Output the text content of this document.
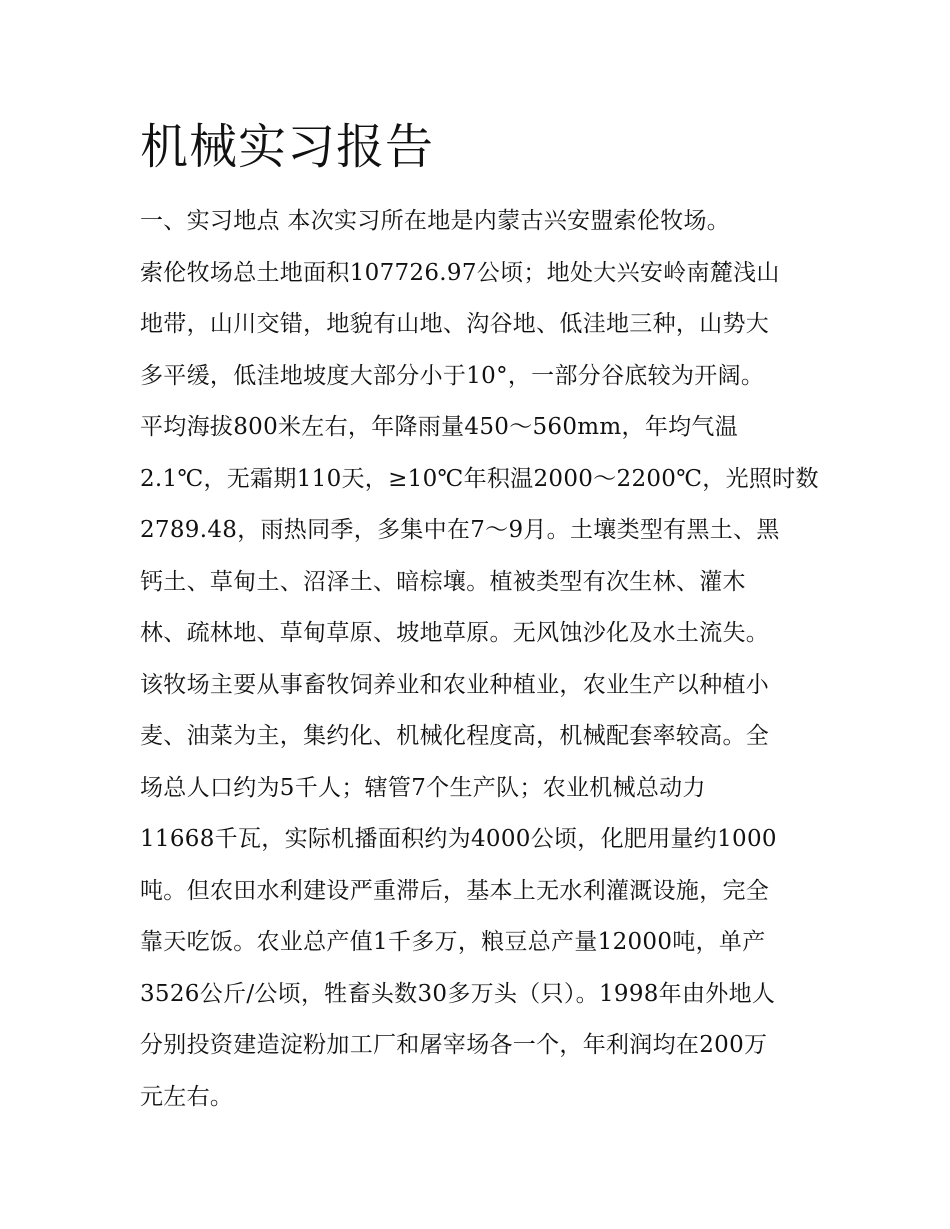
机械实习报告
一、实习地点 本次实习所在地是内蒙古兴安盟索伦牧场。
索伦牧场总土地面积107726.97公顷；地处大兴安岭南麓浅山
地带，山川交错，地貌有山地、沟谷地、低洼地三种，山势大
多平缓，低洼地坡度大部分小于10°，一部分谷底较为开阔。
平均海拔800米左右，年降雨量450～560mm，年均气温
2.1℃，无霜期110天，≥10℃年积温2000～2200℃，光照时数
2789.48，雨热同季，多集中在7～9月。土壤类型有黑土、黑
钙土、草甸土、沼泽土、暗棕壤。植被类型有次生林、灌木
林、疏林地、草甸草原、坡地草原。无风蚀沙化及水土流失。
该牧场主要从事畜牧饲养业和农业种植业，农业生产以种植小
麦、油菜为主，集约化、机械化程度高，机械配套率较高。全
场总人口约为5千人；辖管7个生产队；农业机械总动力
11668千瓦，实际机播面积约为4000公顷，化肥用量约1000
吨。但农田水利建设严重滞后，基本上无水利灌溉设施，完全
靠天吃饭。农业总产值1千多万，粮豆总产量12000吨，单产
3526公斤/公顷，牲畜头数30多万头（只）。1998年由外地人
分别投资建造淀粉加工厂和屠宰场各一个，年利润均在200万
元左右。
